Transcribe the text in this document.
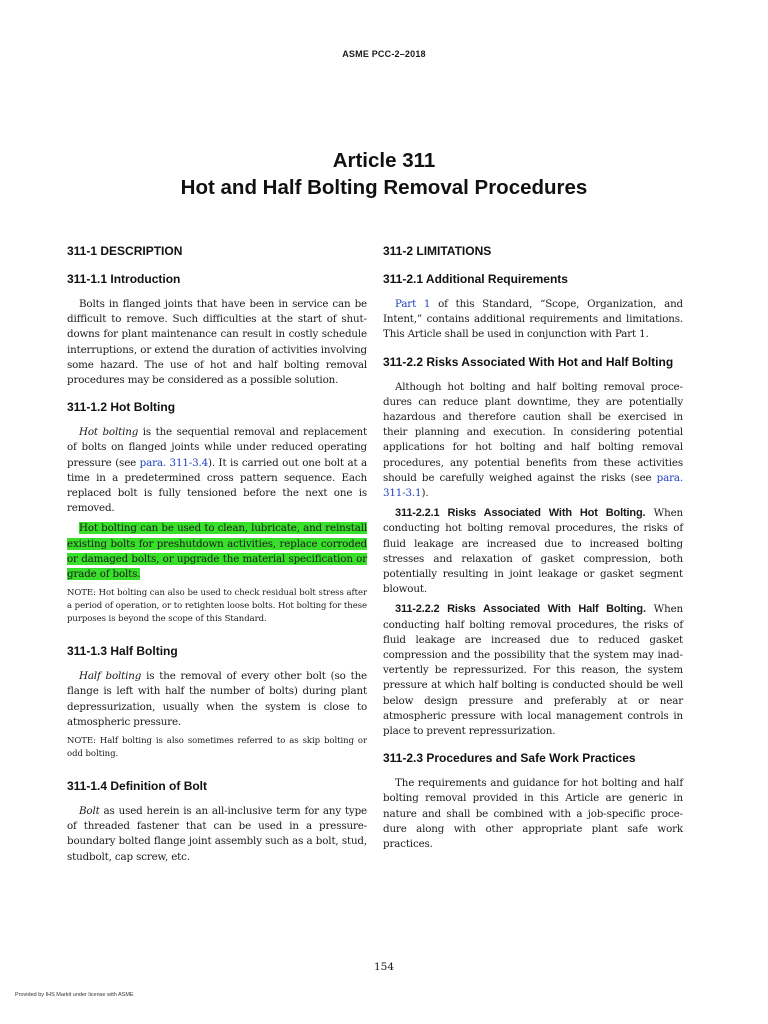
ASME PCC-2–2018
Article 311
Hot and Half Bolting Removal Procedures
311-1 DESCRIPTION
311-1.1 Introduction

Bolts in flanged joints that have been in service can be difficult to remove. Such difficulties at the start of shutdowns for plant maintenance can result in costly schedule interruptions, or extend the duration of activities involving some hazard. The use of hot and half bolting removal procedures may be considered as a possible solution.

311-1.2 Hot Bolting

Hot bolting is the sequential removal and replacement of bolts on flanged joints while under reduced operating pressure (see para. 311-3.4). It is carried out one bolt at a time in a predetermined cross pattern sequence. Each replaced bolt is fully tensioned before the next one is removed.

Hot bolting can be used to clean, lubricate, and reinstall existing bolts for preshutdown activities, replace corroded or damaged bolts, or upgrade the material specification or grade of bolts.

NOTE: Hot bolting can also be used to check residual bolt stress after a period of operation, or to retighten loose bolts. Hot bolting for these purposes is beyond the scope of this Standard.

311-1.3 Half Bolting

Half bolting is the removal of every other bolt (so the flange is left with half the number of bolts) during plant depressurization, usually when the system is close to atmospheric pressure.

NOTE: Half bolting is also sometimes referred to as skip bolting or odd bolting.

311-1.4 Definition of Bolt

Bolt as used herein is an all-inclusive term for any type of threaded fastener that can be used in a pressure-boundary bolted flange joint assembly such as a bolt, stud, studbolt, cap screw, etc.

311-2 LIMITATIONS
311-2.1 Additional Requirements

Part 1 of this Standard, “Scope, Organization, and Intent,” contains additional requirements and limitations. This Article shall be used in conjunction with Part 1.

311-2.2 Risks Associated With Hot and Half Bolting

Although hot bolting and half bolting removal procedures can reduce plant downtime, they are potentially hazardous and therefore caution shall be exercised in their planning and execution. In considering potential applications for hot bolting and half bolting removal procedures, any potential benefits from these activities should be carefully weighed against the risks (see para. 311-3.1).

311-2.2.1 Risks Associated With Hot Bolting. When conducting hot bolting removal procedures, the risks of fluid leakage are increased due to increased bolting stresses and relaxation of gasket compression, both potentially resulting in joint leakage or gasket segment blowout.

311-2.2.2 Risks Associated With Half Bolting. When conducting half bolting removal procedures, the risks of fluid leakage are increased due to reduced gasket compression and the possibility that the system may inadvertently be repressurized. For this reason, the system pressure at which half bolting is conducted should be well below design pressure and preferably at or near atmospheric pressure with local management controls in place to prevent repressurization.

311-2.3 Procedures and Safe Work Practices

The requirements and guidance for hot bolting and half bolting removal provided in this Article are generic in nature and shall be combined with a job-specific procedure along with other appropriate plant safe work practices.

154
Provided by IHS Markit under license with ASME
